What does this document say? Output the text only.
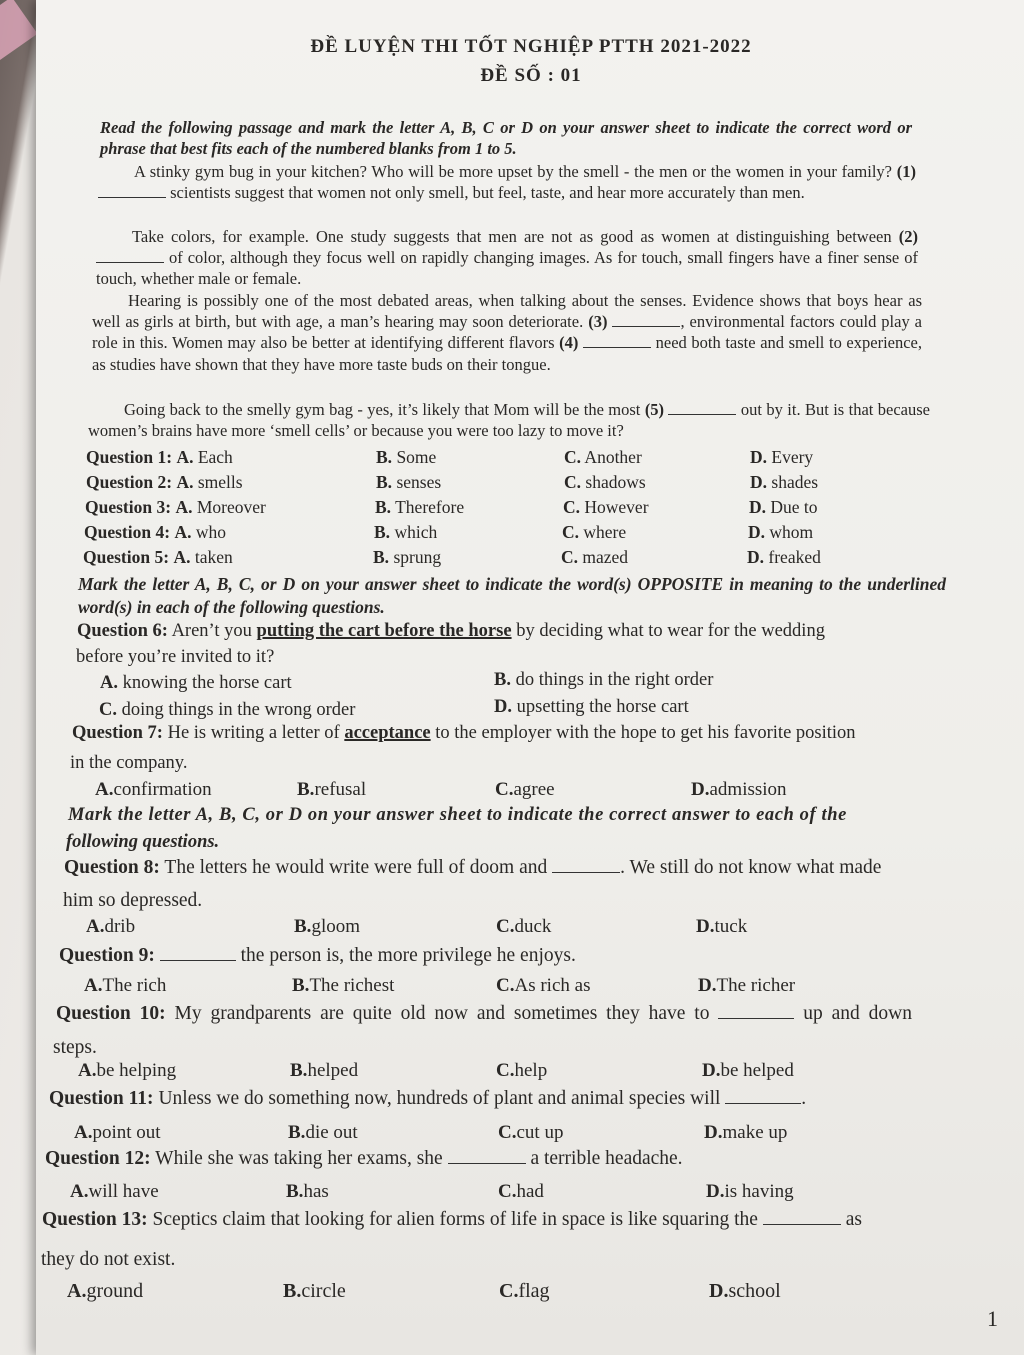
ĐỀ LUYỆN THI TỐT NGHIỆP PTTH 2021-2022
ĐỀ SỐ : 01
Read the following passage and mark the letter A, B, C or D on your answer sheet to indicate the correct word or phrase that best fits each of the numbered blanks from 1 to 5.
A stinky gym bug in your kitchen? Who will be more upset by the smell - the men or the women in your family? (1)  scientists suggest that women not only smell, but feel, taste, and hear more accurately than men.
Take colors, for example. One study suggests that men are not as good as women at distinguishing between (2)  of color, although they focus well on rapidly changing images. As for touch, small fingers have a finer sense of touch, whether male or female.
Hearing is possibly one of the most debated areas, when talking about the senses. Evidence shows that boys hear as well as girls at birth, but with age, a man’s hearing may soon deteriorate. (3)	, environmental factors could play a role in this. Women may also be better at identifying different flavors (4)	need both taste and smell to experience, as studies have shown that they have more taste buds on their tongue.
Going back to the smelly gym bag - yes, it’s likely that Mom will be the most (5)	out by it. But is that because women’s brains have more ‘smell cells’ or because you were too lazy to move it?
Question 1: A. Each	B. Some	C. Another	D. Every
Question 2: A. smells	B. senses	C. shadows	D. shades
Question 3: A. Moreover	B. Therefore	C. However	D. Due to
Question 4: A. who	B. which	C. where	D. whom
Question 5: A. taken	B. sprung	C. mazed	D. freaked
Mark the letter A, B, C, or D on your answer sheet to indicate the word(s) OPPOSITE in meaning to the underlined word(s) in each of the following questions.
Question 6: Aren’t you putting the cart before the horse by deciding what to wear for the wedding
before you’re invited to it?
A. knowing the horse cart	B. do things in the right order
C. doing things in the wrong order	D. upsetting the horse cart
Question 7: He is writing a letter of acceptance to the employer with the hope to get his favorite position
in the company.
A.confirmation	B.refusal	C.agree	D.admission
Mark the letter A, B, C, or D on your answer sheet to indicate the correct answer to each of the
following questions.
Question 8: The letters he would write were full of doom and	. We still do not know what made
him so depressed.
A.drib	B.gloom	C.duck	D.tuck
Question 9:	the person is, the more privilege he enjoys.
A.The rich	B.The richest	C.As rich as	D.The richer
Question 10: My grandparents are quite old now and sometimes they have to	up and down
steps.
A.be helping	B.helped	C.help	D.be helped
Question 11: Unless we do something now, hundreds of plant and animal species will	.
A.point out	B.die out	C.cut up	D.make up
Question 12: While she was taking her exams, she	a terrible headache.
A.will have	B.has	C.had	D.is having
Question 13: Sceptics claim that looking for alien forms of life in space is like squaring the	as
they do not exist.
A.ground	B.circle	C.flag	D.school
1
